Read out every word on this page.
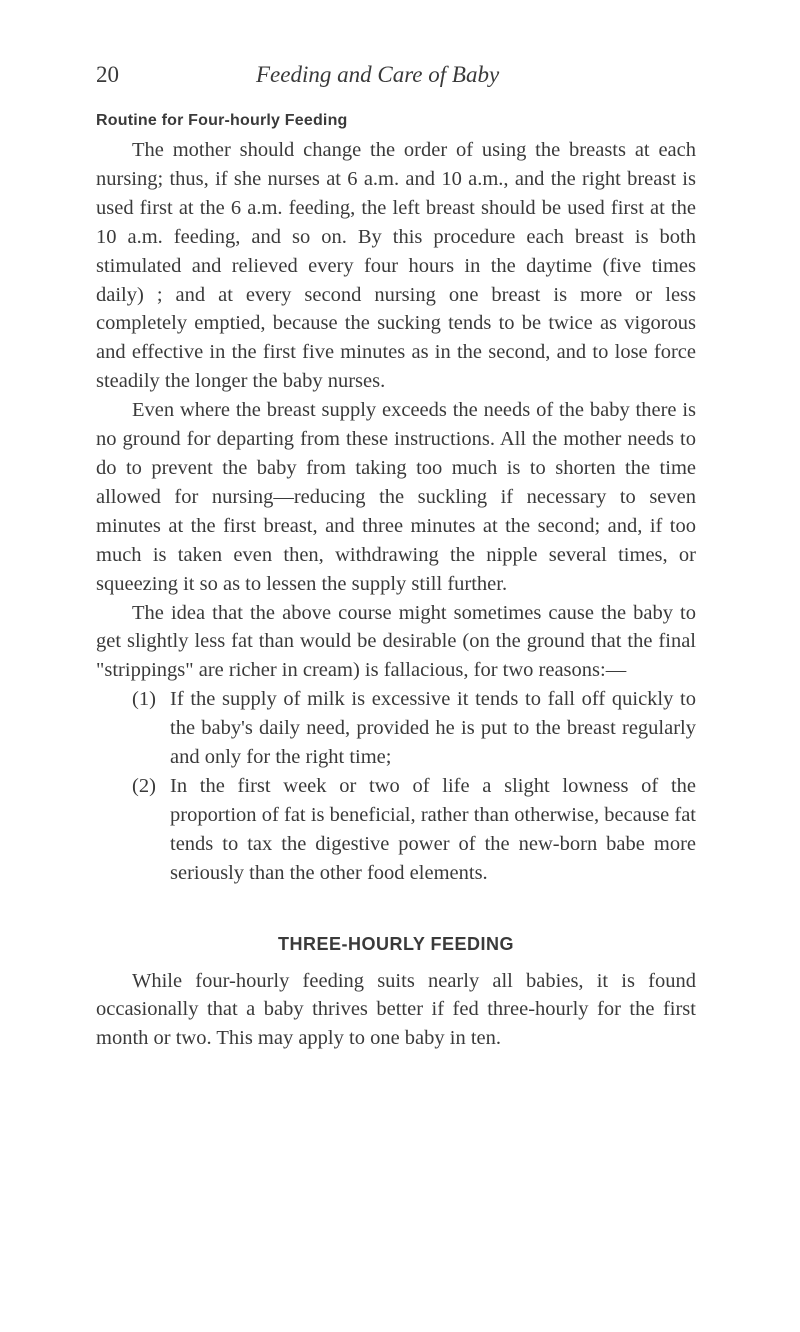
20	Feeding and Care of Baby
Routine for Four-hourly Feeding

The mother should change the order of using the breasts at each nursing; thus, if she nurses at 6 a.m. and 10 a.m., and the right breast is used first at the 6 a.m. feeding, the left breast should be used first at the 10 a.m. feeding, and so on. By this procedure each breast is both stimulated and relieved every four hours in the daytime (five times daily) ; and at every second nursing one breast is more or less completely emptied, because the sucking tends to be twice as vigorous and effective in the first five minutes as in the second, and to lose force steadily the longer the baby nurses.

Even where the breast supply exceeds the needs of the baby there is no ground for departing from these instructions. All the mother needs to do to prevent the baby from taking too much is to shorten the time allowed for nursing—reducing the suckling if necessary to seven minutes at the first breast, and three minutes at the second; and, if too much is taken even then, withdrawing the nipple several times, or squeezing it so as to lessen the supply still further.

The idea that the above course might sometimes cause the baby to get slightly less fat than would be desirable (on the ground that the final "strippings" are richer in cream) is fallacious, for two reasons:—

(1) If the supply of milk is excessive it tends to fall off quickly to the baby's daily need, provided he is put to the breast regularly and only for the right time;

(2) In the first week or two of life a slight lowness of the proportion of fat is beneficial, rather than otherwise, because fat tends to tax the digestive power of the new-born babe more seriously than the other food elements.

THREE-HOURLY FEEDING

While four-hourly feeding suits nearly all babies, it is found occasionally that a baby thrives better if fed three-hourly for the first month or two. This may apply to one baby in ten.
